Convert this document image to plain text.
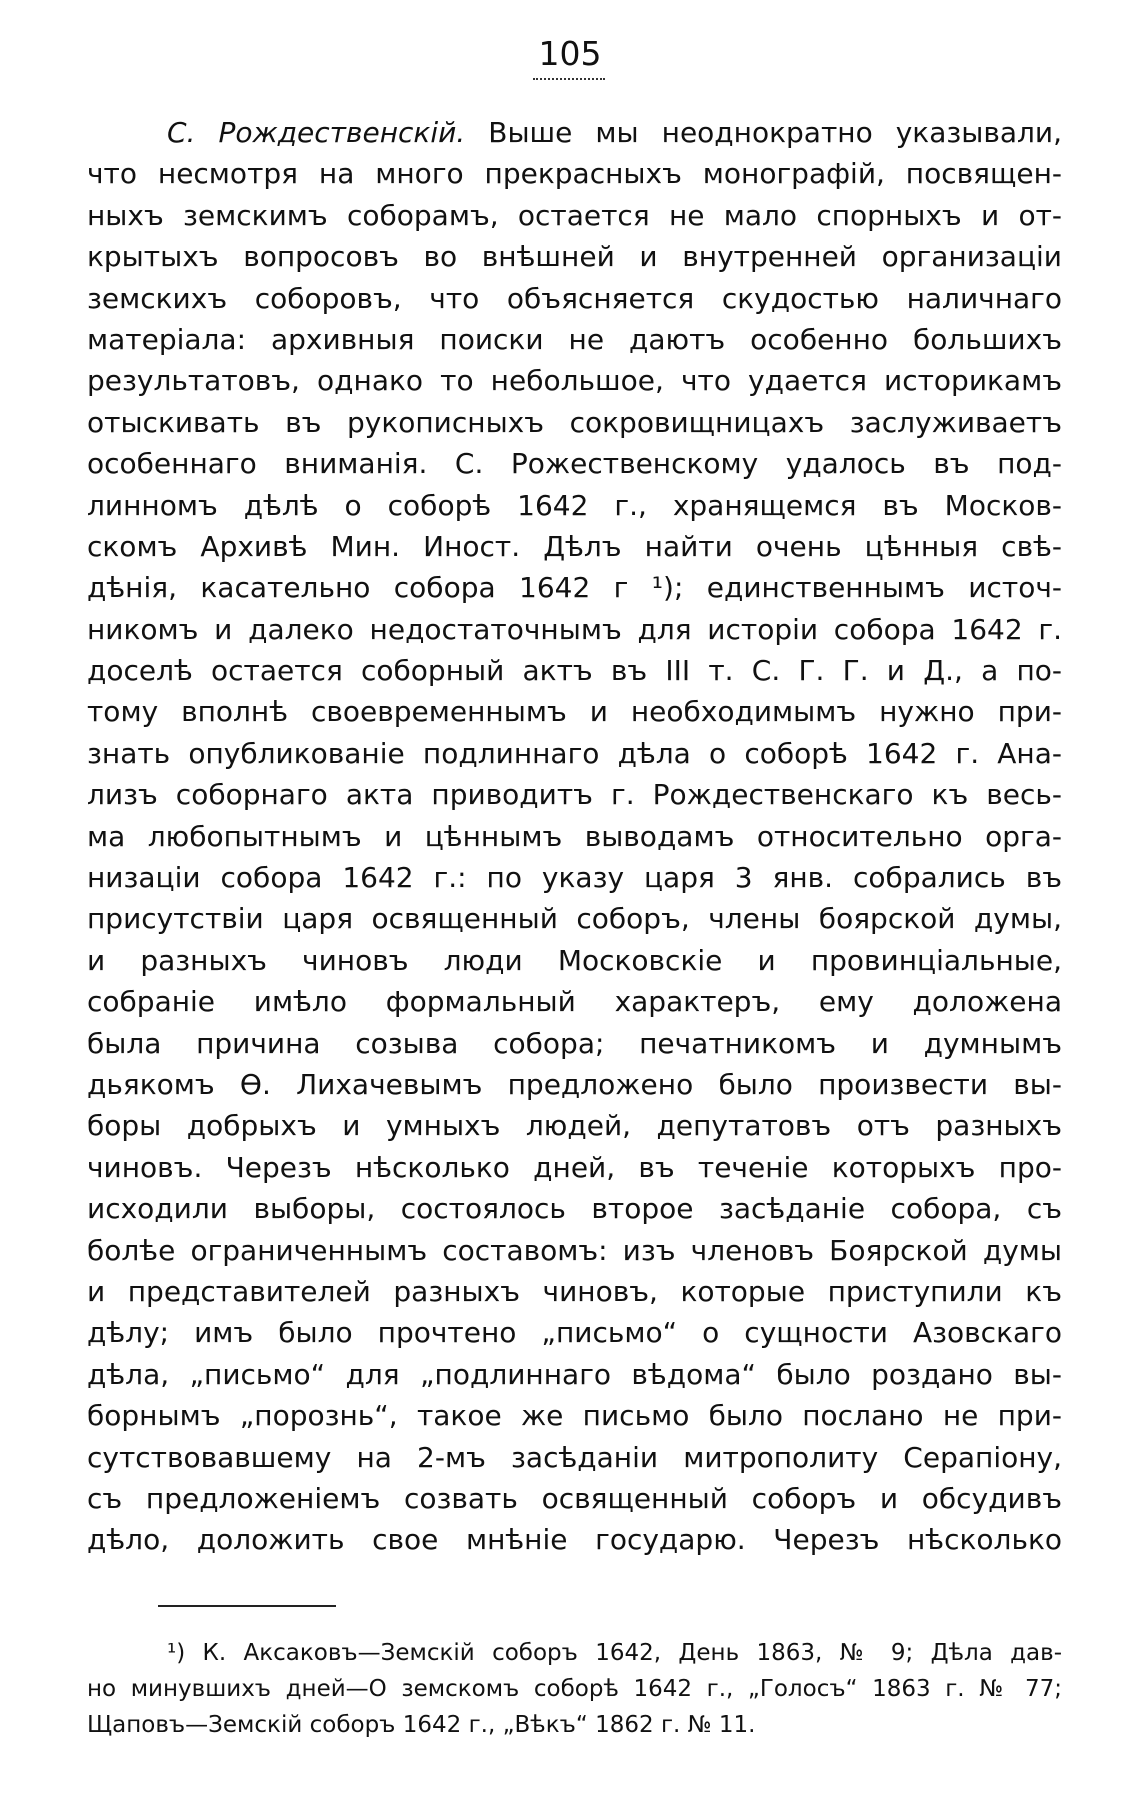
105
С. Рождественскій. Выше мы неоднократно указывали,
что несмотря на много прекрасныхъ монографій, посвящен-
ныхъ земскимъ соборамъ, остается не мало спорныхъ и от-
крытыхъ вопросовъ во внѣшней и внутренней организаціи
земскихъ соборовъ, что объясняется скудостью наличнаго
матеріала: архивныя поиски не даютъ особенно большихъ
результатовъ, однако то небольшое, что удается историкамъ
отыскивать въ рукописныхъ сокровищницахъ заслуживаетъ
особеннаго вниманія. С. Рожественскому удалось въ под-
линномъ дѣлѣ о соборѣ 1642 г., хранящемся въ Москов-
скомъ Архивѣ Мин. Иност. Дѣлъ найти очень цѣнныя свѣ-
дѣнія, касательно собора 1642 г ¹); единственнымъ источ-
никомъ и далеко недостаточнымъ для исторіи собора 1642 г.
доселѣ остается соборный актъ въ III т. С. Г. Г. и Д., а по-
тому вполнѣ своевременнымъ и необходимымъ нужно при-
знать опубликованіе подлиннаго дѣла о соборѣ 1642 г. Ана-
лизъ соборнаго акта приводитъ г. Рождественскаго къ весь-
ма любопытнымъ и цѣннымъ выводамъ относительно орга-
низаціи собора 1642 г.: по указу царя 3 янв. собрались въ
присутствіи царя освященный соборъ, члены боярской думы,
и разныхъ чиновъ люди Московскіе и провинціальные,
собраніе имѣло формальный характеръ, ему доложена
была причина созыва собора; печатникомъ и думнымъ
дьякомъ Ѳ. Лихачевымъ предложено было произвести вы-
боры добрыхъ и умныхъ людей, депутатовъ отъ разныхъ
чиновъ. Черезъ нѣсколько дней, въ теченіе которыхъ про-
исходили выборы, состоялось второе засѣданіе собора, съ
болѣе ограниченнымъ составомъ: изъ членовъ Боярской думы
и представителей разныхъ чиновъ, которые приступили къ
дѣлу; имъ было прочтено „письмо“ о сущности Азовскаго
дѣла, „письмо“ для „подлиннаго вѣдома“ было роздано вы-
борнымъ „порознь“, такое же письмо было послано не при-
сутствовавшему на 2-мъ засѣданіи митрополиту Серапіону,
съ предложеніемъ созвать освященный соборъ и обсудивъ
дѣло, доложить свое мнѣніе государю. Черезъ нѣсколько
¹) К. Аксаковъ—Земскій соборъ 1642, День 1863, № 9; Дѣла дав-
но минувшихъ дней—О земскомъ соборѣ 1642 г., „Голосъ“ 1863 г. № 77;
Щаповъ—Земскій соборъ 1642 г., „Вѣкъ“ 1862 г. № 11.
